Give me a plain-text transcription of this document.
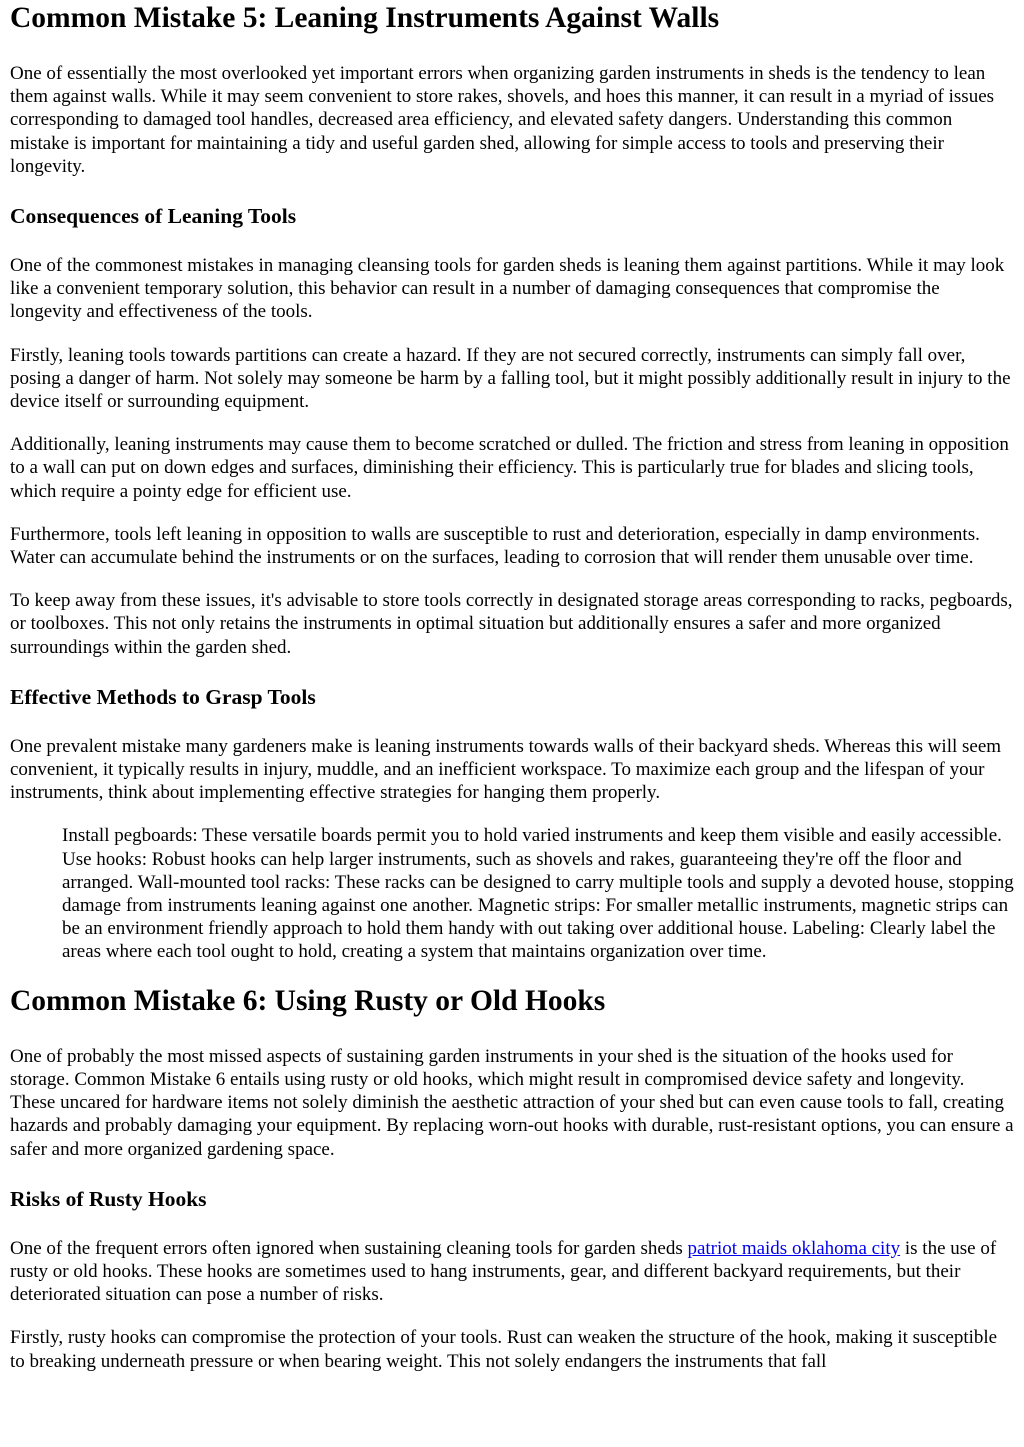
Common Mistake 5: Leaning Instruments Against Walls

One of essentially the most overlooked yet important errors when organizing garden instruments in sheds is the tendency to lean them against walls. While it may seem convenient to store rakes, shovels, and hoes this manner, it can result in a myriad of issues corresponding to damaged tool handles, decreased area efficiency, and elevated safety dangers. Understanding this common mistake is important for maintaining a tidy and useful garden shed, allowing for simple access to tools and preserving their longevity.

Consequences of Leaning Tools

One of the commonest mistakes in managing cleansing tools for garden sheds is leaning them against partitions. While it may look like a convenient temporary solution, this behavior can result in a number of damaging consequences that compromise the longevity and effectiveness of the tools.

Firstly, leaning tools towards partitions can create a hazard. If they are not secured correctly, instruments can simply fall over, posing a danger of harm. Not solely may someone be harm by a falling tool, but it might possibly additionally result in injury to the device itself or surrounding equipment.

Additionally, leaning instruments may cause them to become scratched or dulled. The friction and stress from leaning in opposition to a wall can put on down edges and surfaces, diminishing their efficiency. This is particularly true for blades and slicing tools, which require a pointy edge for efficient use.

Furthermore, tools left leaning in opposition to walls are susceptible to rust and deterioration, especially in damp environments. Water can accumulate behind the instruments or on the surfaces, leading to corrosion that will render them unusable over time.

To keep away from these issues, it's advisable to store tools correctly in designated storage areas corresponding to racks, pegboards, or toolboxes. This not only retains the instruments in optimal situation but additionally ensures a safer and more organized surroundings within the garden shed.

Effective Methods to Grasp Tools

One prevalent mistake many gardeners make is leaning instruments towards walls of their backyard sheds. Whereas this will seem convenient, it typically results in injury, muddle, and an inefficient workspace. To maximize each group and the lifespan of your instruments, think about implementing effective strategies for hanging them properly.

Install pegboards: These versatile boards permit you to hold varied instruments and keep them visible and easily accessible. Use hooks: Robust hooks can help larger instruments, such as shovels and rakes, guaranteeing they're off the floor and arranged. Wall-mounted tool racks: These racks can be designed to carry multiple tools and supply a devoted house, stopping damage from instruments leaning against one another. Magnetic strips: For smaller metallic instruments, magnetic strips can be an environment friendly approach to hold them handy with out taking over additional house. Labeling: Clearly label the areas where each tool ought to hold, creating a system that maintains organization over time.
Common Mistake 6: Using Rusty or Old Hooks

One of probably the most missed aspects of sustaining garden instruments in your shed is the situation of the hooks used for storage. Common Mistake 6 entails using rusty or old hooks, which might result in compromised device safety and longevity. These uncared for hardware items not solely diminish the aesthetic attraction of your shed but can even cause tools to fall, creating hazards and probably damaging your equipment. By replacing worn-out hooks with durable, rust-resistant options, you can ensure a safer and more organized gardening space.

Risks of Rusty Hooks

One of the frequent errors often ignored when sustaining cleaning tools for garden sheds patriot maids oklahoma city is the use of rusty or old hooks. These hooks are sometimes used to hang instruments, gear, and different backyard requirements, but their deteriorated situation can pose a number of risks.

Firstly, rusty hooks can compromise the protection of your tools. Rust can weaken the structure of the hook, making it susceptible to breaking underneath pressure or when bearing weight. This not solely endangers the instruments that fall
